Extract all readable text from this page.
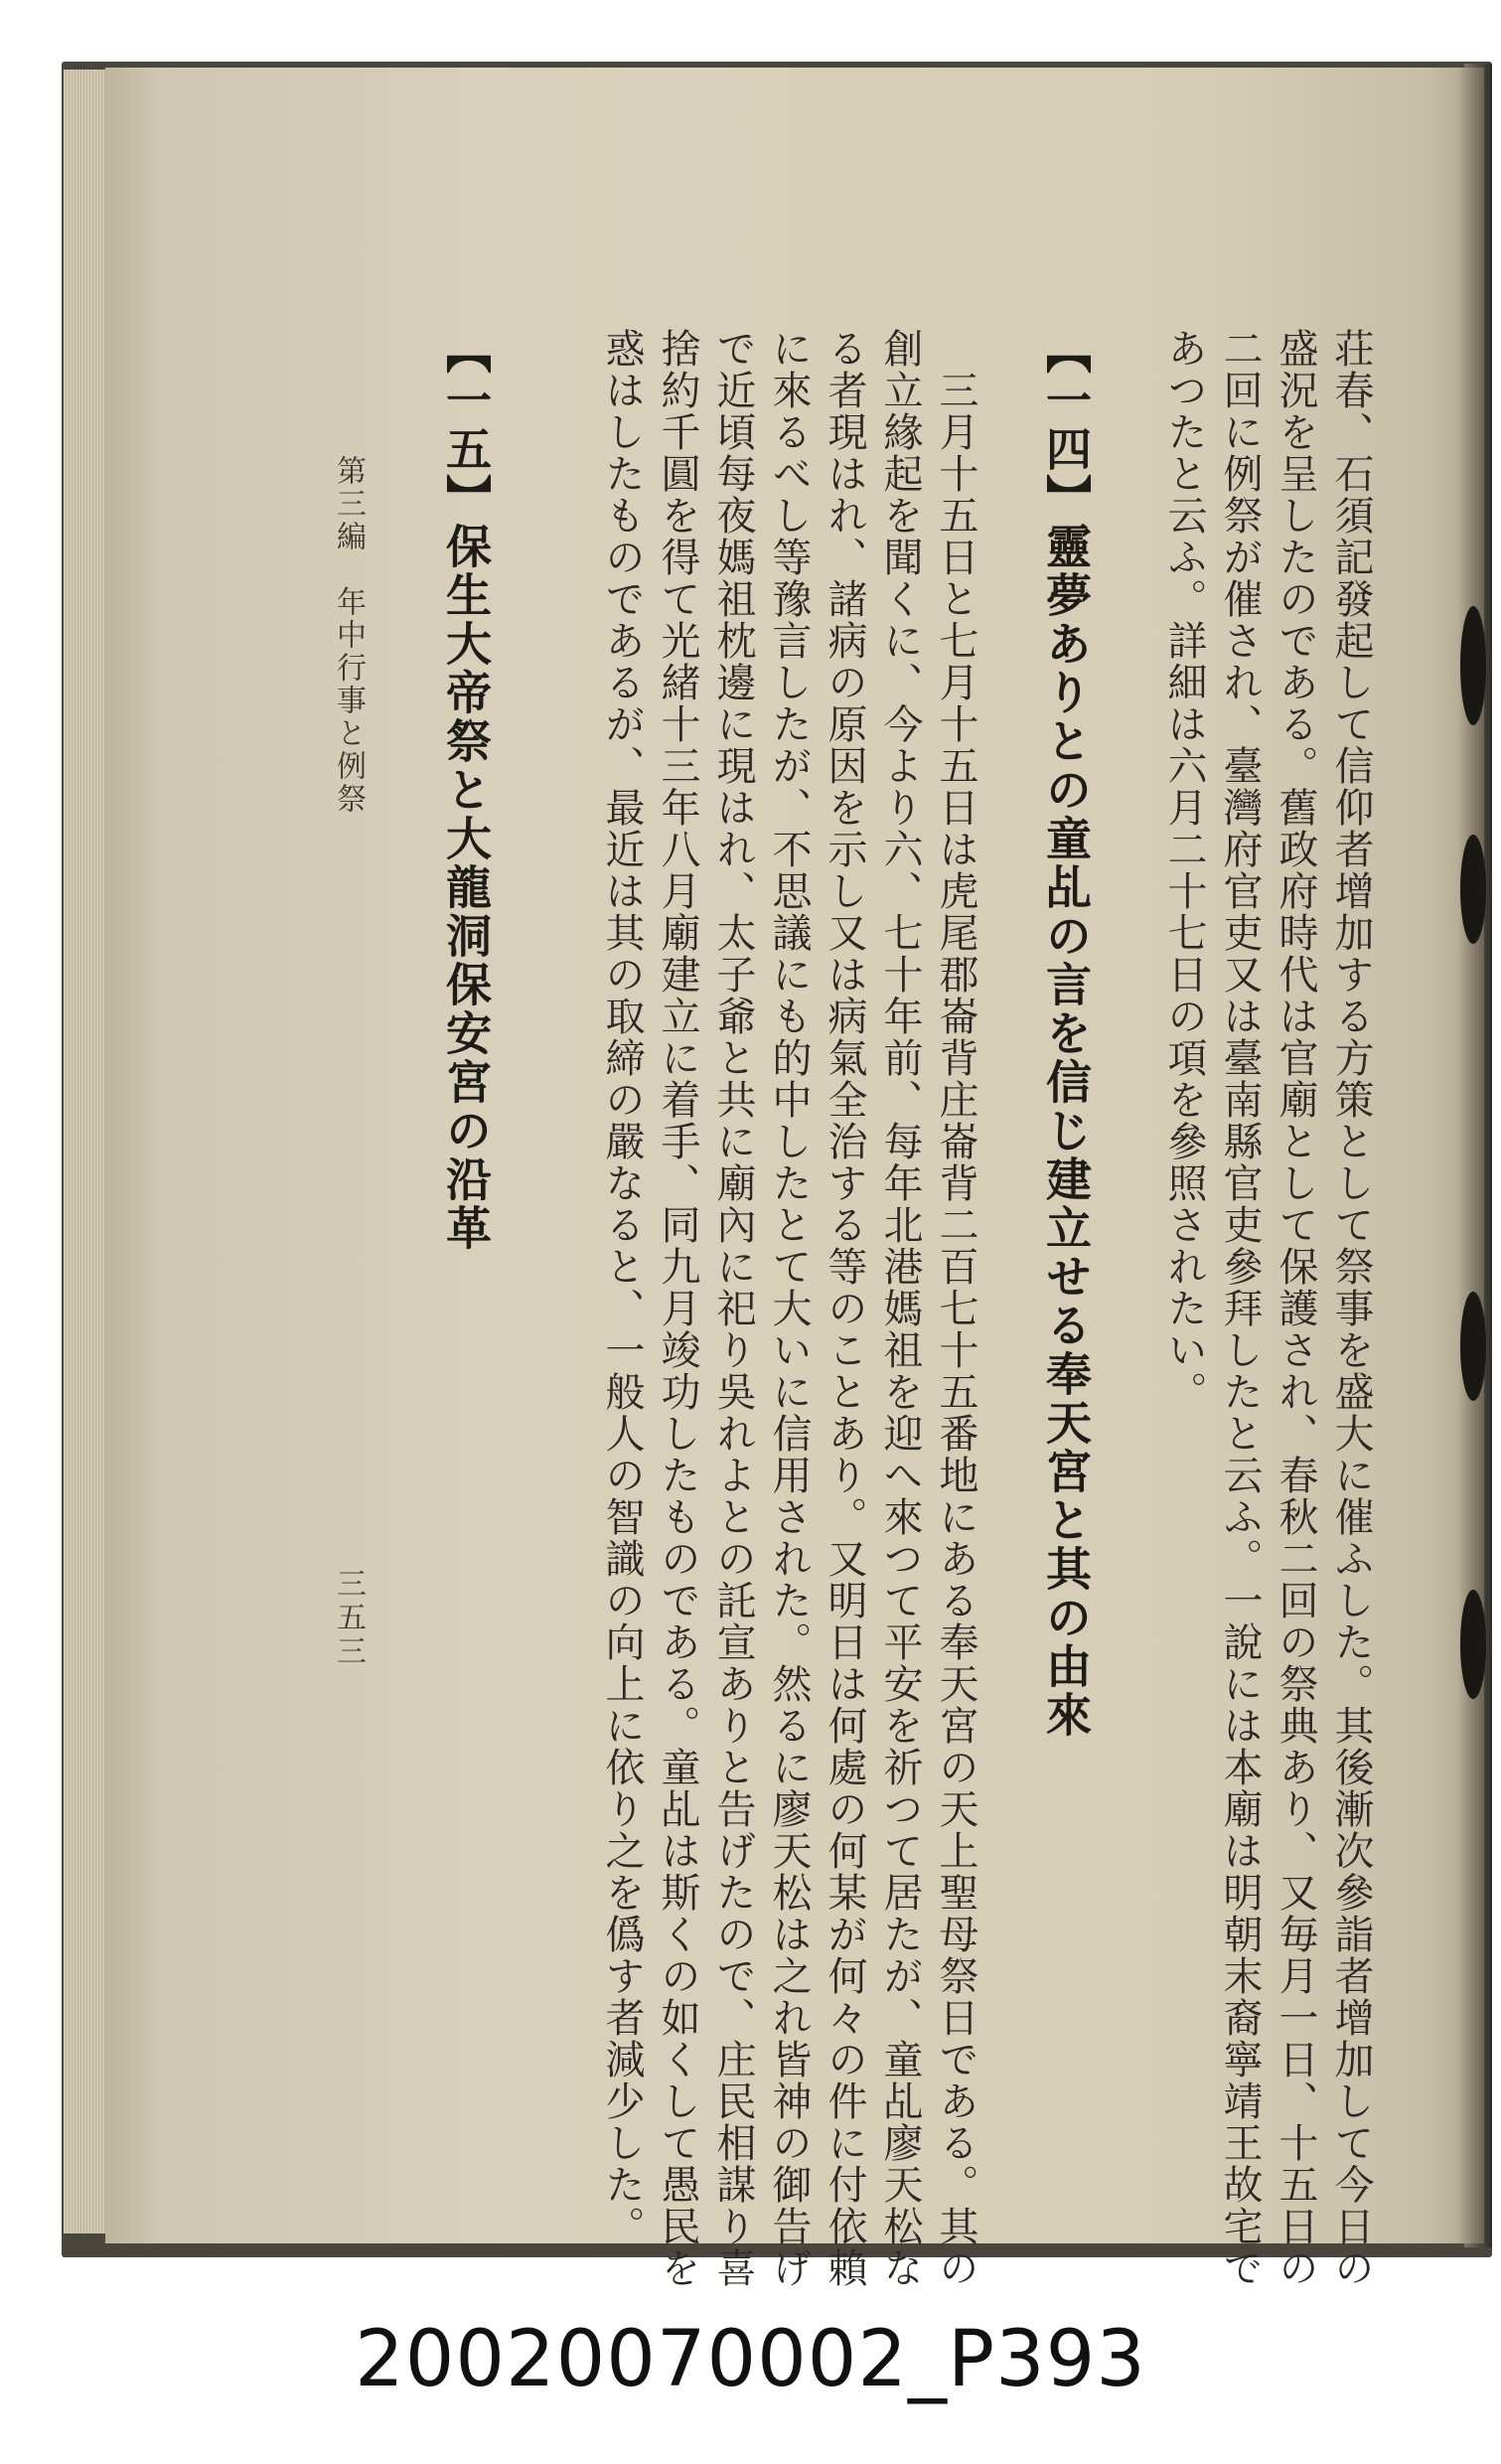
荘春、石須記發起して信仰者增加する方策として祭事を盛大に催ふした。其後漸次參詣者增加して今日の
盛況を呈したのである。舊政府時代は官廟として保護され、春秋二回の祭典あり、又毎月一日、十五日の
二回に例祭が催され、臺灣府官吏又は臺南縣官吏參拜したと云ふ。一說には本廟は明朝末裔寧靖王故宅で
あつたと云ふ。詳細は六月二十七日の項を參照されたい。
【一四】靈夢ありとの童乩の言を信じ建立せる奉天宮と其の由來
三月十五日と七月十五日は虎尾郡崙背庄崙背二百七十五番地にある奉天宮の天上聖母祭日である。其の
創立緣起を聞くに、今より六、七十年前、每年北港媽祖を迎へ來つて平安を祈つて居たが、童乩廖天松な
る者現はれ、諸病の原因を示し又は病氣全治する等のことあり。又明日は何處の何某が何々の件に付依賴
に來るべし等豫言したが、不思議にも的中したとて大いに信用された。然るに廖天松は之れ皆神の御告げ
で近頃每夜媽祖枕邊に現はれ、太子爺と共に廟內に祀り吳れよとの託宣ありと告げたので、庄民相謀り喜
捨約千圓を得て光緒十三年八月廟建立に着手、同九月竣功したものである。童乩は斯くの如くして愚民を
惑はしたものであるが、最近は其の取締の嚴なると、一般人の智識の向上に依り之を僞す者減少した。
【一五】保生大帝祭と大龍洞保安宮の沿革
第三編　年中行事と例祭
三五三
20020070002_P393
